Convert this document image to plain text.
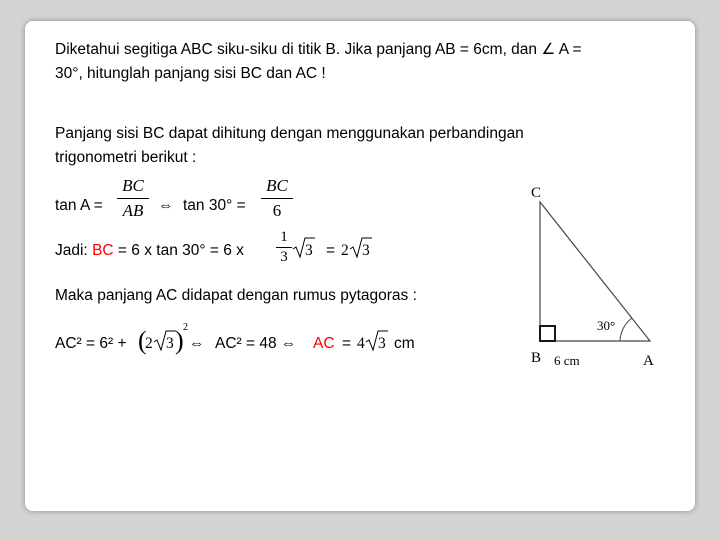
Diketahui segitiga ABC siku-siku di titik B. Jika panjang AB = 6cm, dan ∠ A =
30°, hitunglah panjang sisi BC dan AC !
Panjang sisi BC dapat dihitung dengan menggunakan perbandingan
trigonometri berikut :
tan A =
BC
AB ⇔ tan 30° =
BC
6
Jadi: BC = 6 x tan 30° = 6 x
1
3 3 = 2 3
Maka panjang AC didapat dengan rumus pytagoras :
AC² = 6² + (
2 3 ) 2
⇔ AC² = 48 ⇔ AC = 4 3 cm
C
B	A
6 cm
30°
